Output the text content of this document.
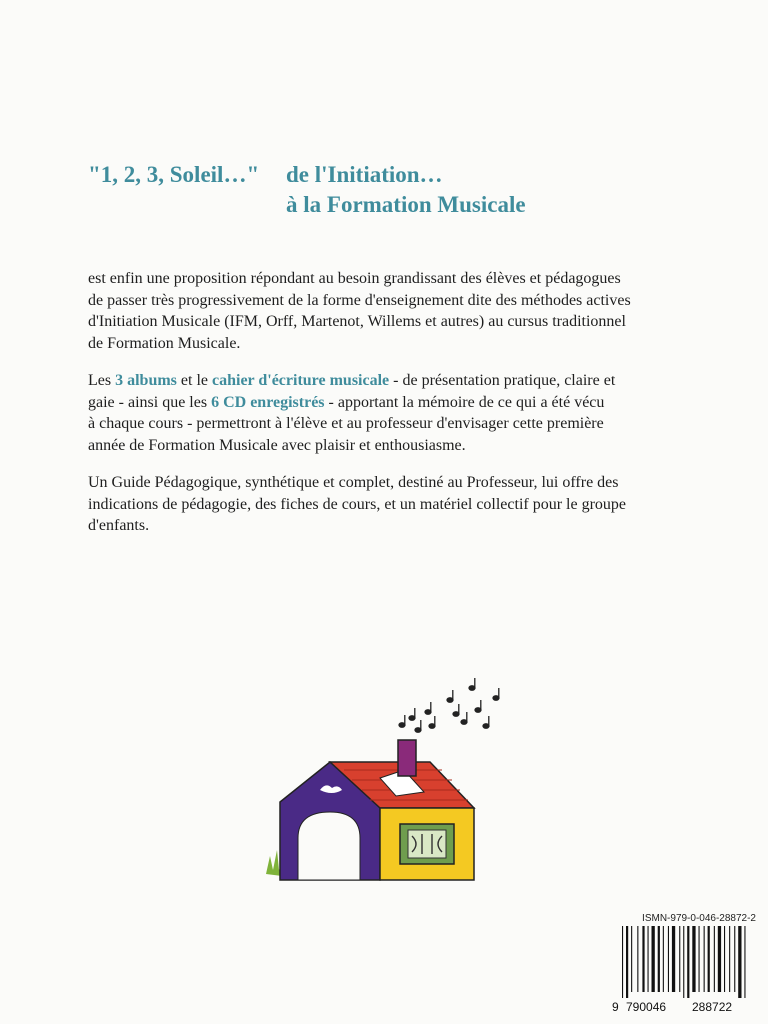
"1, 2, 3, Soleil…" de l'Initiation…
à la Formation Musicale
est enfin une proposition répondant au besoin grandissant des élèves et pédagogues
de passer très progressivement de la forme d'enseignement dite des méthodes actives
d'Initiation Musicale (IFM, Orff, Martenot, Willems et autres) au cursus traditionnel
de Formation Musicale.
Les 3 albums et le cahier d'écriture musicale - de présentation pratique, claire et
gaie - ainsi que les 6 CD enregistrés - apportant la mémoire de ce qui a été vécu
à chaque cours - permettront à l'élève et au professeur d'envisager cette première
année de Formation Musicale avec plaisir et enthousiasme.
Un Guide Pédagogique, synthétique et complet, destiné au Professeur, lui offre des
indications de pédagogie, des fiches de cours, et un matériel collectif pour le groupe
d'enfants.
ISMN-979-0-046-28872-2
9 790046 288722
